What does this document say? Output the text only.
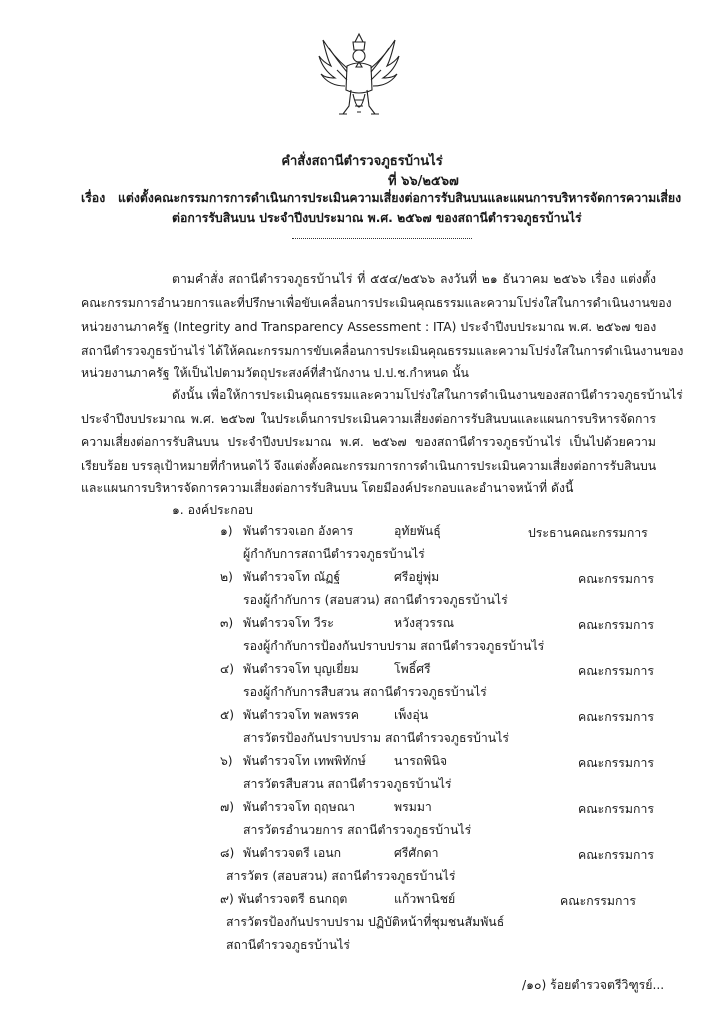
คำสั่งสถานีตำรวจภูธรบ้านไร่
ที่ ๖๖/๒๕๖๗
เรื่อง แต่งตั้งคณะกรรมการการดำเนินการประเมินความเสี่ยงต่อการรับสินบนและแผนการบริหารจัดการความเสี่ยง
ต่อการรับสินบน ประจำปีงบประมาณ พ.ศ. ๒๕๖๗ ของสถานีตำรวจภูธรบ้านไร่
ตามคำสั่ง สถานีตำรวจภูธรบ้านไร่ ที่ ๕๕๔/๒๕๖๖ ลงวันที่ ๒๑ ธันวาคม ๒๕๖๖ เรื่อง แต่งตั้ง
คณะกรรมการอำนวยการและที่ปรึกษาเพื่อขับเคลื่อนการประเมินคุณธรรมและความโปร่งใสในการดำเนินงานของ
หน่วยงานภาครัฐ (Integrity and Transparency Assessment : ITA) ประจำปีงบประมาณ พ.ศ. ๒๕๖๗ ของ
สถานีตำรวจภูธรบ้านไร่ ได้ให้คณะกรรมการขับเคลื่อนการประเมินคุณธรรมและความโปร่งใสในการดำเนินงานของ
หน่วยงานภาครัฐ ให้เป็นไปตามวัตถุประสงค์ที่สำนักงาน ป.ป.ช.กำหนด นั้น
ดังนั้น เพื่อให้การประเมินคุณธรรมและความโปร่งใสในการดำเนินงานของสถานีตำรวจภูธรบ้านไร่
ประจำปีงบประมาณ พ.ศ. ๒๕๖๗ ในประเด็นการประเมินความเสี่ยงต่อการรับสินบนและแผนการบริหารจัดการ
ความเสี่ยงต่อการรับสินบน ประจำปีงบประมาณ พ.ศ. ๒๕๖๗ ของสถานีตำรวจภูธรบ้านไร่ เป็นไปด้วยความ
เรียบร้อย บรรลุเป้าหมายที่กำหนดไว้ จึงแต่งตั้งคณะกรรมการการดำเนินการประเมินความเสี่ยงต่อการรับสินบน
และแผนการบริหารจัดการความเสี่ยงต่อการรับสินบน โดยมีองค์ประกอบและอำนาจหน้าที่ ดังนี้
๑. องค์ประกอบ
๑) พันตำรวจเอก อังคาร	อุทัยพันธุ์	ประธานคณะกรรมการ
ผู้กำกับการสถานีตำรวจภูธรบ้านไร่
๒) พันตำรวจโท ณัฏฐ์	ศรีอยู่พุ่ม	คณะกรรมการ
รองผู้กำกับการ (สอบสวน) สถานีตำรวจภูธรบ้านไร่
๓) พันตำรวจโท วีระ	หวังสุวรรณ	คณะกรรมการ
รองผู้กำกับการป้องกันปราบปราม สถานีตำรวจภูธรบ้านไร่
๔) พันตำรวจโท บุญเยี่ยม	โพธิ์ศรี	คณะกรรมการ
รองผู้กำกับการสืบสวน สถานีตำรวจภูธรบ้านไร่
๕) พันตำรวจโท พลพรรค	เพ็งอุ่น	คณะกรรมการ
สารวัตรป้องกันปราบปราม สถานีตำรวจภูธรบ้านไร่
๖) พันตำรวจโท เทพพิทักษ์ นารถพินิจ	คณะกรรมการ
สารวัตรสืบสวน สถานีตำรวจภูธรบ้านไร่
๗) พันตำรวจโท ฤฤษณา	พรมมา	คณะกรรมการ
สารวัตรอำนวยการ สถานีตำรวจภูธรบ้านไร่
๘) พันตำรวจตรี เอนก	ศรีศักดา	คณะกรรมการ
สารวัตร (สอบสวน) สถานีตำรวจภูธรบ้านไร่
๙) พันตำรวจตรี ธนกฤต	แก้วพานิชย์	คณะกรรมการ
สารวัตรป้องกันปราบปราม ปฏิบัติหน้าที่ชุมชนสัมพันธ์
สถานีตำรวจภูธรบ้านไร่
/๑๐) ร้อยตำรวจตรีวิฑูรย์...
